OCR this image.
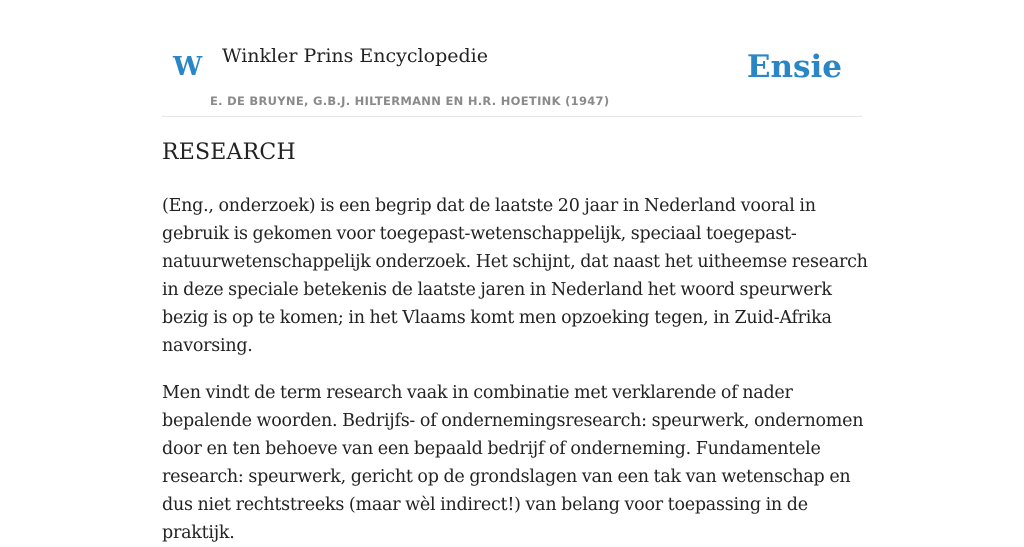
W Winkler Prins Encyclopedie
E. DE BRUYNE, G.B.J. HILTERMANN EN H.R. HOETINK (1947)
Ensie
RESEARCH

(Eng., onderzoek) is een begrip dat de laatste 20 jaar in Nederland vooral in gebruik is gekomen voor toegepast-wetenschappelijk, speciaal toegepast-natuurwetenschappelijk onderzoek. Het schijnt, dat naast het uitheemse research in deze speciale betekenis de laatste jaren in Nederland het woord speurwerk bezig is op te komen; in het Vlaams komt men opzoeking tegen, in Zuid-Afrika navorsing.

Men vindt de term research vaak in combinatie met verklarende of nader bepalende woorden. Bedrijfs- of ondernemingsresearch: speurwerk, ondernomen door en ten behoeve van een bepaald bedrijf of onderneming. Fundamentele research: speurwerk, gericht op de grondslagen van een tak van wetenschap en dus niet rechtstreeks (maar wèl indirect!) van belang voor toepassing in de praktijk.
